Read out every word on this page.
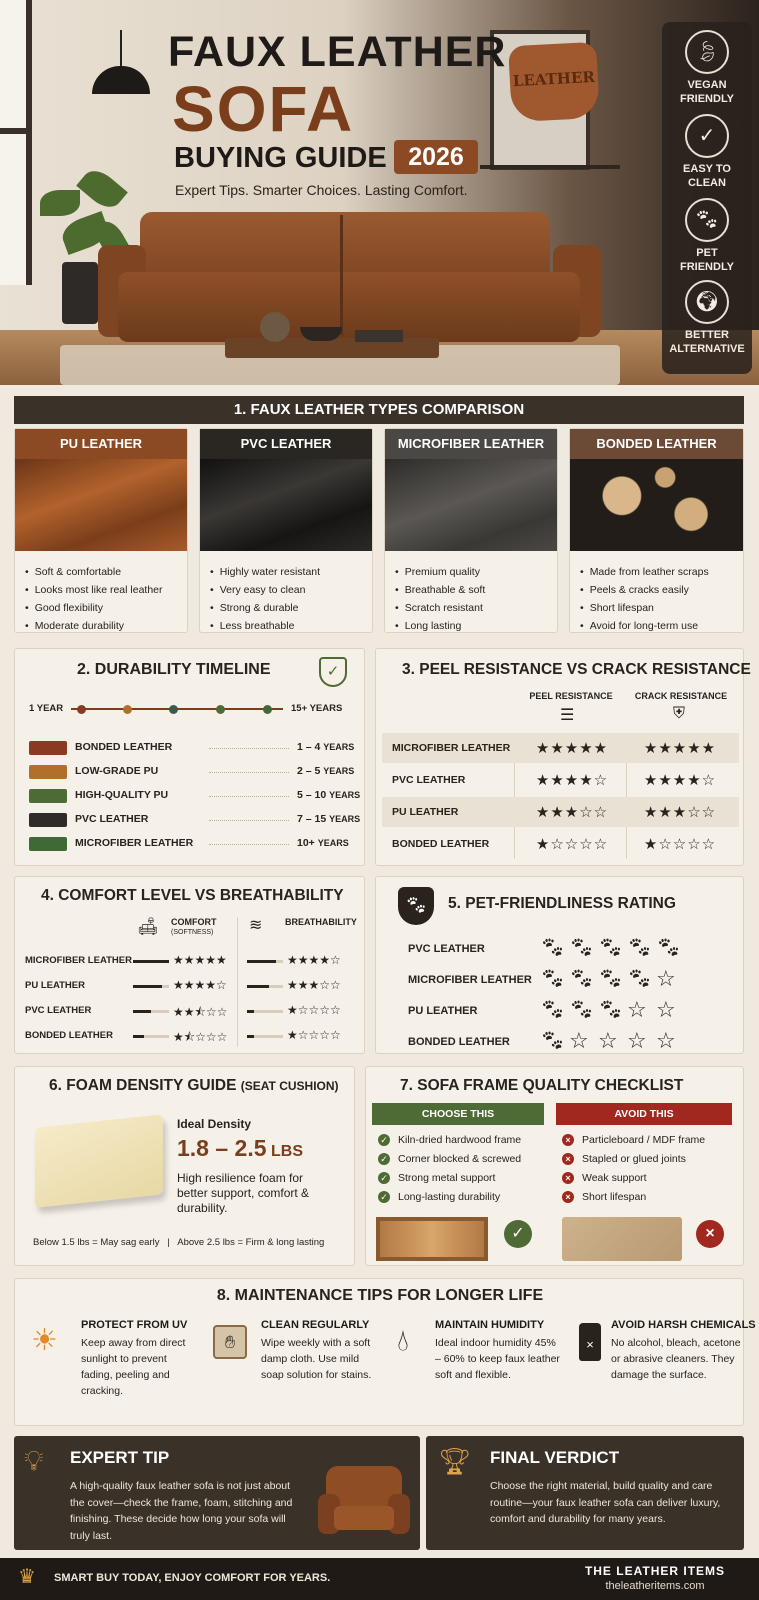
LEATHER
FAUX LEATHER
SOFA
BUYING GUIDE 2026
Expert Tips. Smarter Choices. Lasting Comfort.
🍃︎
VEGAN
FRIENDLY
✓
EASY TO
CLEAN
🐾︎
PET
FRIENDLY
🌍︎
BETTER
ALTERNATIVE
1. FAUX LEATHER TYPES COMPARISON
PU LEATHER
• Soft & comfortable
• Looks most like real leather
• Good flexibility
• Moderate durability
PVC LEATHER
• Highly water resistant
• Very easy to clean
• Strong & durable
• Less breathable
MICROFIBER LEATHER
• Premium quality
• Breathable & soft
• Scratch resistant
• Long lasting
BONDED LEATHER
• Made from leather scraps
• Peels & cracks easily
• Short lifespan
• Avoid for long-term use
2. DURABILITY TIMELINE	✓
1 YEAR	15+ YEARS
BONDED LEATHER	1 – 4 YEARS
LOW-GRADE PU	2 – 5 YEARS
HIGH-QUALITY PU	5 – 10 YEARS
PVC LEATHER	7 – 15 YEARS
MICROFIBER LEATHER	10+ YEARS
3. PEEL RESISTANCE VS CRACK RESISTANCE
PEEL RESISTANCE	CRACK RESISTANCE
☰	⛨
MICROFIBER LEATHER	★★★★★	★★★★★
PVC LEATHER	★★★★☆	★★★★☆
PU LEATHER	★★★☆☆	★★★☆☆
BONDED LEATHER	★☆☆☆☆	★☆☆☆☆
4. COMFORT LEVEL VS BREATHABILITY
🛋︎ COMFORT
(SOFTNESS) ≋	BREATHABILITY
MICROFIBER LEATHER	★★★★★	★★★★☆
PU LEATHER	★★★★☆	★★★☆☆
PVC LEATHER	★★⯪☆☆	★☆☆☆☆
BONDED LEATHER	★⯪☆☆☆	★☆☆☆☆
🐾︎	5. PET-FRIENDLINESS RATING
PVC LEATHER	🐾︎ 🐾︎ 🐾︎ 🐾︎ 🐾︎
MICROFIBER LEATHER 🐾︎ 🐾︎ 🐾︎ 🐾︎ ☆
PU LEATHER	🐾︎ 🐾︎ 🐾︎ ☆ ☆
BONDED LEATHER 🐾︎ ☆ ☆ ☆ ☆
6. FOAM DENSITY GUIDE (SEAT CUSHION)
Ideal Density
1.8 – 2.5 LBS
High resilience foam for better support, comfort & durability.
Below 1.5 lbs = May sag early | Above 2.5 lbs = Firm & long lasting
7. SOFA FRAME QUALITY CHECKLIST
CHOOSE THIS	AVOID THIS
✓ Kiln-dried hardwood frame
✓ Corner blocked & screwed
✓ Strong metal support
✓ Long-lasting durability
× Particleboard / MDF frame
× Stapled or glued joints
× Weak support
× Short lifespan
✓	×
8. MAINTENANCE TIPS FOR LONGER LIFE
☀ PROTECT FROM UV
Keep away from direct sunlight to prevent fading, peeling and cracking.
✋︎
CLEAN REGULARLY
Wipe weekly with a soft damp cloth. Use mild soap solution for stains.
💧︎ MAINTAIN HUMIDITY
Ideal indoor humidity 45% – 60% to keep faux leather soft and flexible.
×
AVOID HARSH CHEMICALS
No alcohol, bleach, acetone or abrasive cleaners. They damage the surface.
💡︎ EXPERT TIP
A high-quality faux leather sofa is not just about the cover—check the frame, foam, stitching and finishing. These decide how long your sofa will truly last.
🏆︎ FINAL VERDICT
Choose the right material, build quality and care routine—your faux leather sofa can deliver luxury, comfort and durability for many years.
♛ SMART BUY TODAY, ENJOY COMFORT FOR YEARS.	THE LEATHER ITEMS
theleatheritems.com
